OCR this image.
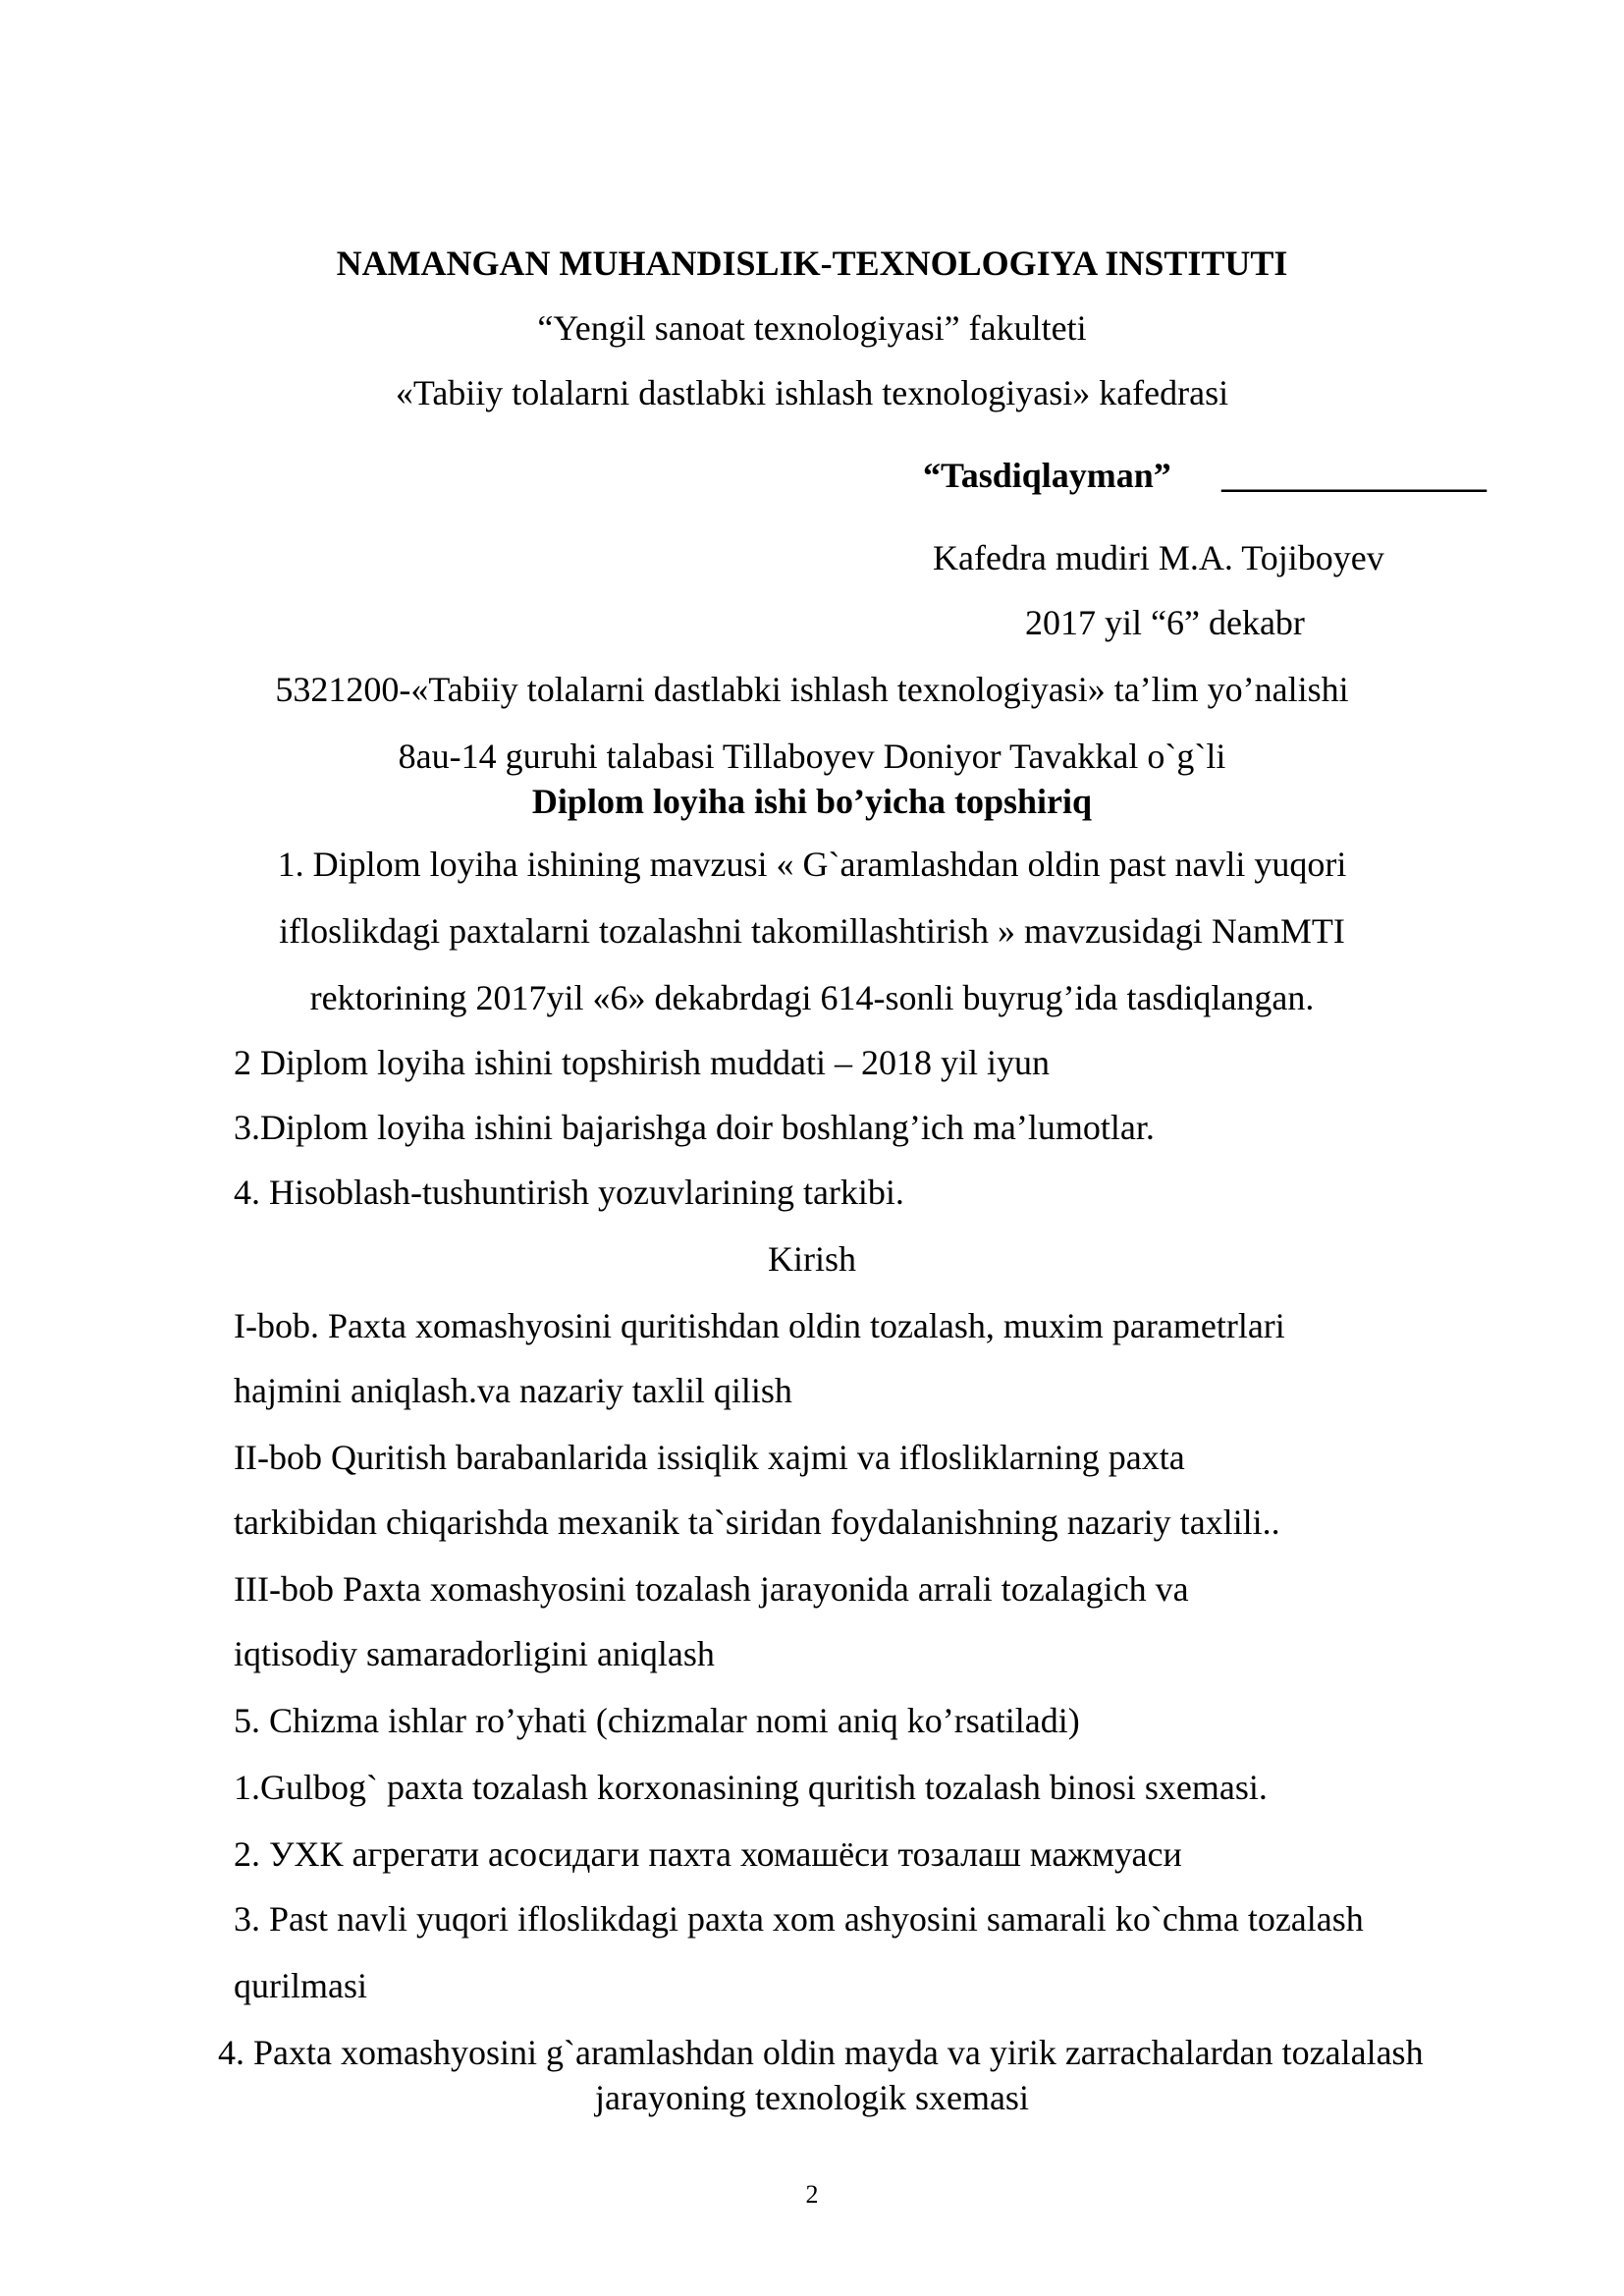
NAMANGAN MUHANDISLIK-TEXNOLOGIYA INSTITUTI
“Yengil sanoat texnologiyasi” fakulteti
«Tabiiy tolalarni dastlabki ishlash texnologiyasi» kafedrasi
“Tasdiqlayman” _______________
Kafedra mudiri M.A. Tojiboyev
2017 yil “6” dekabr
5321200-«Tabiiy tolalarni dastlabki ishlash texnologiyasi» ta’lim yo’nalishi
8au-14 guruhi talabasi Tillaboyev Doniyor Tavakkal o`g`li
Diplom loyiha ishi bo’yicha topshiriq
1. Diplom loyiha ishining mavzusi « G`aramlashdan oldin past navli yuqori
ifloslikdagi paxtalarni tozalashni takomillashtirish » mavzusidagi NamMTI
rektorining 2017yil «6» dekabrdagi 614-sonli buyrug’ida tasdiqlangan.
2 Diplom loyiha ishini topshirish muddati – 2018 yil iyun
3.Diplom loyiha ishini bajarishga doir boshlang’ich ma’lumotlar.
4. Hisoblash-tushuntirish yozuvlarining tarkibi.
Kirish
I-bob. Paxta xomashyosini quritishdan oldin tozalash, muxim parametrlari
hajmini aniqlash.va nazariy taxlil qilish
II-bob Quritish barabanlarida issiqlik xajmi va iflosliklarning paxta
tarkibidan chiqarishda mexanik ta`siridan foydalanishning nazariy taxlili..
III-bob Paxta xomashyosini tozalash jarayonida arrali tozalagich va
iqtisodiy samaradorligini aniqlash
5. Chizma ishlar ro’yhati (chizmalar nomi aniq ko’rsatiladi)
1.Gulbog` paxta tozalash korxonasining quritish tozalash binosi sxemasi.
2. УХК агрегати асосидаги пахта хомашёси тозалаш мажмуаси
3. Past navli yuqori ifloslikdagi paxta xom ashyosini samarali ko`chma tozalash
qurilmasi
4. Paxta xomashyosini g`aramlashdan oldin mayda va yirik zarrachalardan tozalalash
jarayoning texnologik sxemasi
2
